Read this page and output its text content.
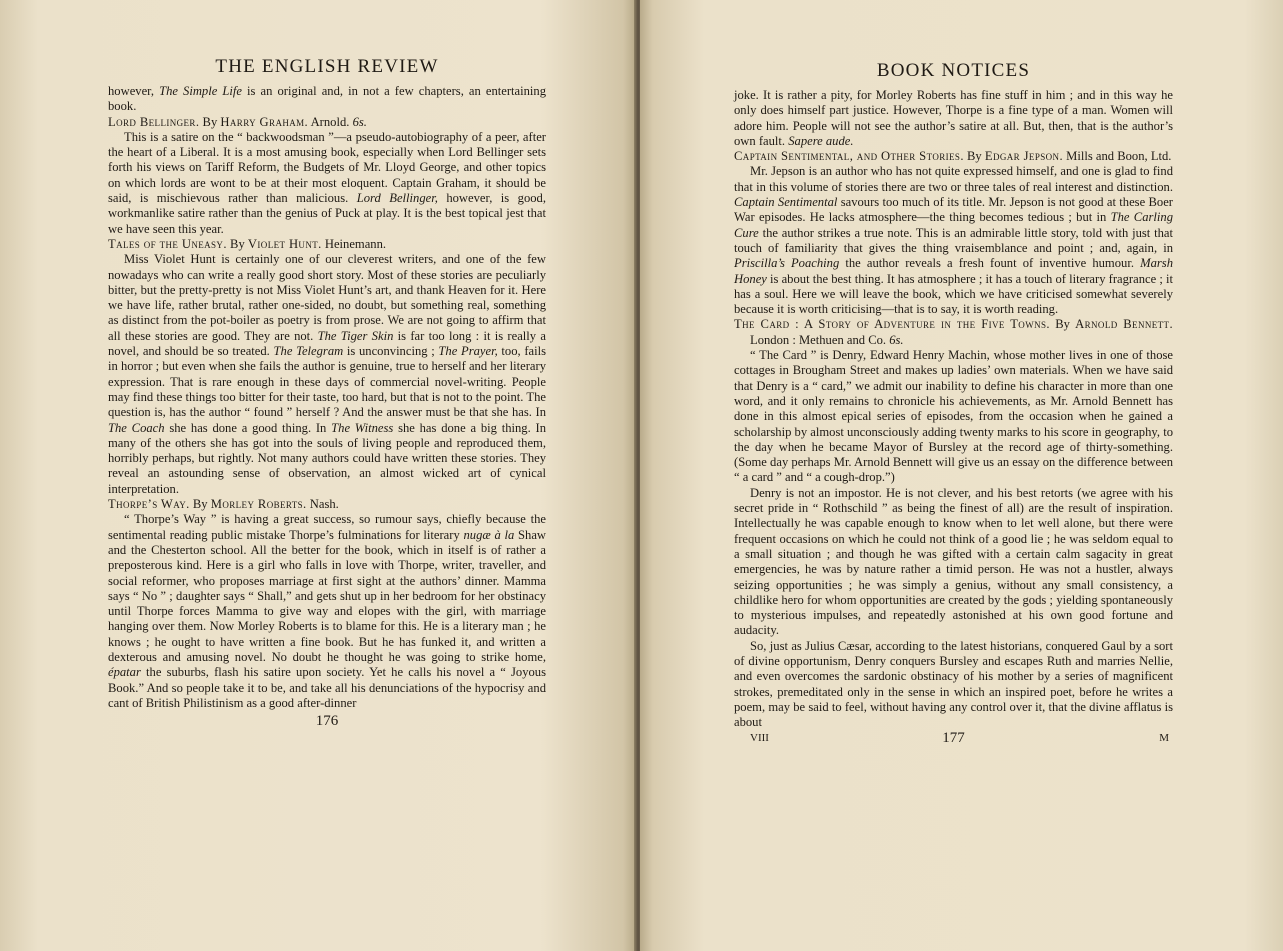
THE ENGLISH REVIEW

however, The Simple Life is an original and, in not a few chapters, an entertaining book.

Lord Bellinger. By Harry Graham. Arnold. 6s.

This is a satire on the “ backwoodsman ”—a pseudo-autobiography of a peer, after the heart of a Liberal. It is a most amusing book, especially when Lord Bellinger sets forth his views on Tariff Reform, the Budgets of Mr. Lloyd George, and other topics on which lords are wont to be at their most eloquent. Captain Graham, it should be said, is mischievous rather than malicious. Lord Bellinger, however, is good, workmanlike satire rather than the genius of Puck at play. It is the best topical jest that we have seen this year.

Tales of the Uneasy. By Violet Hunt. Heinemann.

Miss Violet Hunt is certainly one of our cleverest writers, and one of the few nowadays who can write a really good short story. Most of these stories are peculiarly bitter, but the pretty-pretty is not Miss Violet Hunt’s art, and thank Heaven for it. Here we have life, rather brutal, rather one-sided, no doubt, but something real, something as distinct from the pot-boiler as poetry is from prose. We are not going to affirm that all these stories are good. They are not. The Tiger Skin is far too long : it is really a novel, and should be so treated. The Telegram is unconvincing ; The Prayer, too, fails in horror ; but even when she fails the author is genuine, true to herself and her literary expression. That is rare enough in these days of commercial novel-writing. People may find these things too bitter for their taste, too hard, but that is not to the point. The question is, has the author “ found ” herself ? And the answer must be that she has. In The Coach she has done a good thing. In The Witness she has done a big thing. In many of the others she has got into the souls of living people and reproduced them, horribly perhaps, but rightly. Not many authors could have written these stories. They reveal an astounding sense of observation, an almost wicked art of cynical interpretation.

Thorpe’s Way. By Morley Roberts. Nash.

“ Thorpe’s Way ” is having a great success, so rumour says, chiefly because the sentimental reading public mistake Thorpe’s fulminations for literary nugæ à la Shaw and the Chesterton school. All the better for the book, which in itself is of rather a preposterous kind. Here is a girl who falls in love with Thorpe, writer, traveller, and social reformer, who proposes marriage at first sight at the authors’ dinner. Mamma says “ No ” ; daughter says “ Shall,” and gets shut up in her bedroom for her obstinacy until Thorpe forces Mamma to give way and elopes with the girl, with marriage hanging over them. Now Morley Roberts is to blame for this. He is a literary man ; he knows ; he ought to have written a fine book. But he has funked it, and written a dexterous and amusing novel. No doubt he thought he was going to strike home, épatar the suburbs, flash his satire upon society. Yet he calls his novel a “ Joyous Book.” And so people take it to be, and take all his denunciations of the hypocrisy and cant of British Philistinism as a good after-dinner

176
BOOK NOTICES

joke. It is rather a pity, for Morley Roberts has fine stuff in him ; and in this way he only does himself part justice. However, Thorpe is a fine type of a man. Women will adore him. People will not see the author’s satire at all. But, then, that is the author’s own fault. Sapere aude.

Captain Sentimental, and Other Stories. By Edgar Jepson. Mills and Boon, Ltd.

Mr. Jepson is an author who has not quite expressed himself, and one is glad to find that in this volume of stories there are two or three tales of real interest and distinction. Captain Sentimental savours too much of its title. Mr. Jepson is not good at these Boer War episodes. He lacks atmosphere—the thing becomes tedious ; but in The Carling Cure the author strikes a true note. This is an admirable little story, told with just that touch of familiarity that gives the thing vraisemblance and point ; and, again, in Priscilla’s Poaching the author reveals a fresh fount of inventive humour. Marsh Honey is about the best thing. It has atmosphere ; it has a touch of literary fragrance ; it has a soul. Here we will leave the book, which we have criticised somewhat severely because it is worth criticising—that is to say, it is worth reading.

The Card : A Story of Adventure in the Five Towns. By Arnold Bennett. London : Methuen and Co. 6s.

“ The Card ” is Denry, Edward Henry Machin, whose mother lives in one of those cottages in Brougham Street and makes up ladies’ own materials. When we have said that Denry is a “ card,” we admit our inability to define his character in more than one word, and it only remains to chronicle his achievements, as Mr. Arnold Bennett has done in this almost epical series of episodes, from the occasion when he gained a scholarship by almost unconsciously adding twenty marks to his score in geography, to the day when he became Mayor of Bursley at the record age of thirty-something. (Some day perhaps Mr. Arnold Bennett will give us an essay on the difference between “ a card ” and “ a cough-drop.”)

Denry is not an impostor. He is not clever, and his best retorts (we agree with his secret pride in “ Rothschild ” as being the finest of all) are the result of inspiration. Intellectually he was capable enough to know when to let well alone, but there were frequent occasions on which he could not think of a good lie ; he was seldom equal to a small situation ; and though he was gifted with a certain calm sagacity in great emergencies, he was by nature rather a timid person. He was not a hustler, always seizing opportunities ; he was simply a genius, without any small consistency, a childlike hero for whom opportunities are created by the gods ; yielding spontaneously to mysterious impulses, and repeatedly astonished at his own good fortune and audacity.

So, just as Julius Cæsar, according to the latest historians, conquered Gaul by a sort of divine opportunism, Denry conquers Bursley and escapes Ruth and marries Nellie, and even overcomes the sardonic obstinacy of his mother by a series of magnificent strokes, premeditated only in the sense in which an inspired poet, before he writes a poem, may be said to feel, without having any control over it, that the divine afflatus is about

VIII	177	M
